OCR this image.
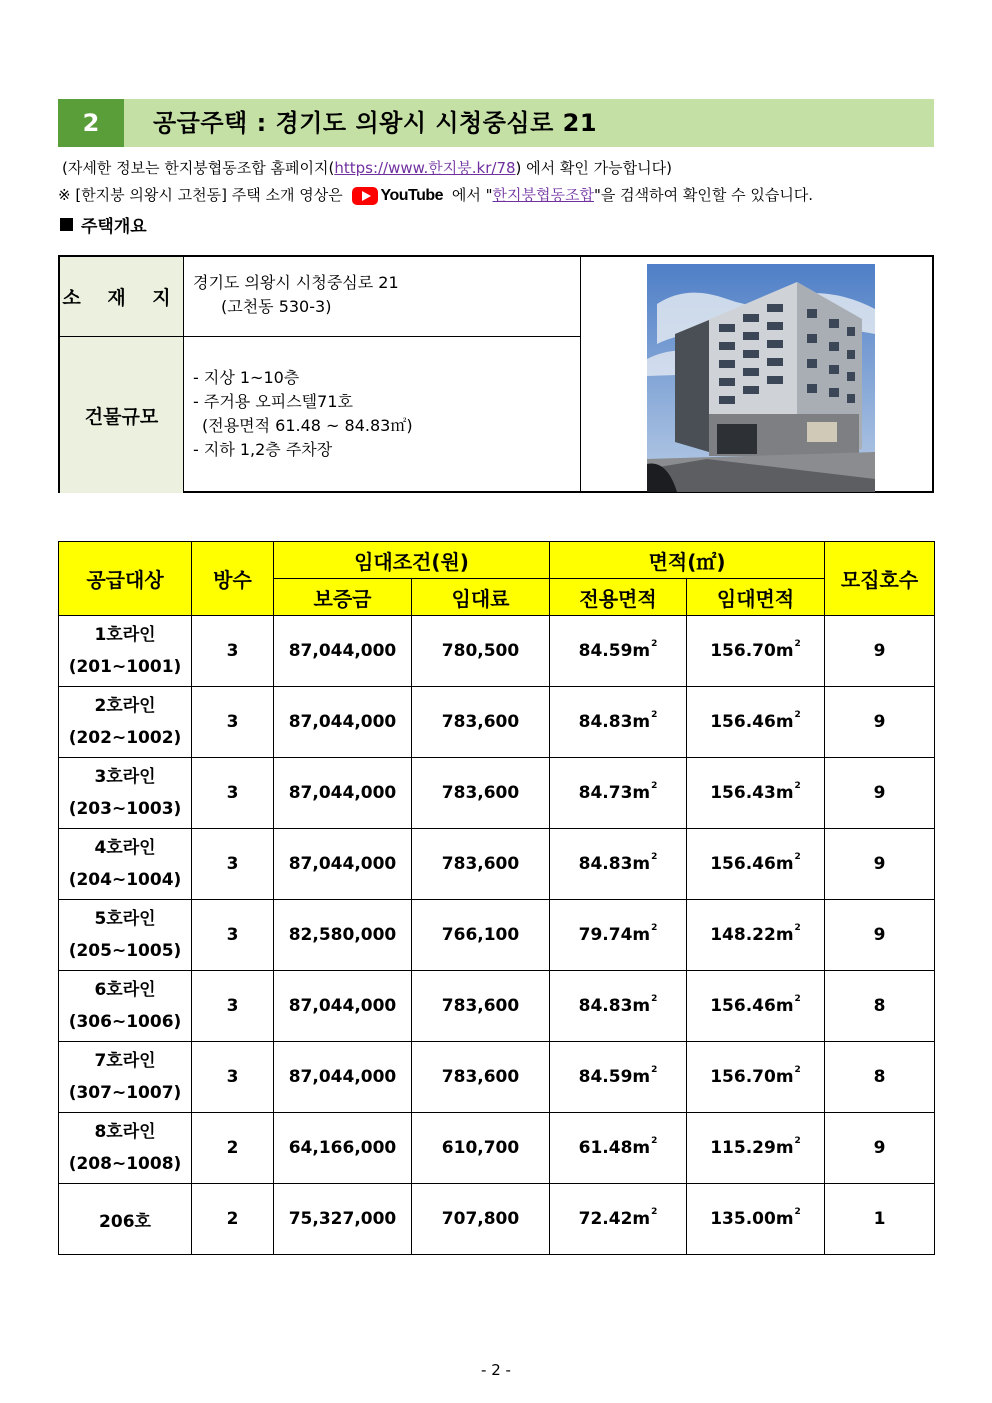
2	공급주택 : 경기도 의왕시 시청중심로 21
(자세한 정보는 한지붕협동조합 홈페이지(https://www.한지붕.kr/78) 에서 확인 가능합니다)
※ [한지붕 의왕시 고천동] 주택 소개 영상은 YouTube 에서 "한지붕협동조합"을 검색하여 확인할 수 있습니다.
주택개요
소 재 지
경기도 의왕시 시청중심로 21
(고천동 530-3)
건물규모
- 지상 1~10층
- 주거용 오피스텔71호
(전용면적 61.48 ~ 84.83㎡)
- 지하 1,2층 주차장
공급대상	방수	임대조건(원)		면적(㎡)		모집호수
		보증금	임대료	전용면적	임대면적	

1호라인
(201~1001)	3	87,044,000	780,500	$84.59m^2$	$156.70m^2$	9

2호라인
(202~1002)	3	87,044,000	783,600	$84.83m^2$	$156.46m^2$	9

3호라인
(203~1003)	3	87,044,000	783,600	$84.73m^2$	$156.43m^2$	9

4호라인
(204~1004)	3	87,044,000	783,600	$84.83m^2$	$156.46m^2$	9

5호라인
(205~1005)	3	82,580,000	766,100	$79.74m^2$	$148.22m^2$	9

6호라인
(306~1006)	3	87,044,000	783,600	$84.83m^2$	$156.46m^2$	8

7호라인
(307~1007)	3	87,044,000	783,600	$84.59m^2$	$156.70m^2$	8

8호라인
(208~1008)	2	64,166,000	610,700	$61.48m^2$	$115.29m^2$	9
206호	2	75,327,000	707,800	$72.42m^2$	$135.00m^2$	1
- 2 -
